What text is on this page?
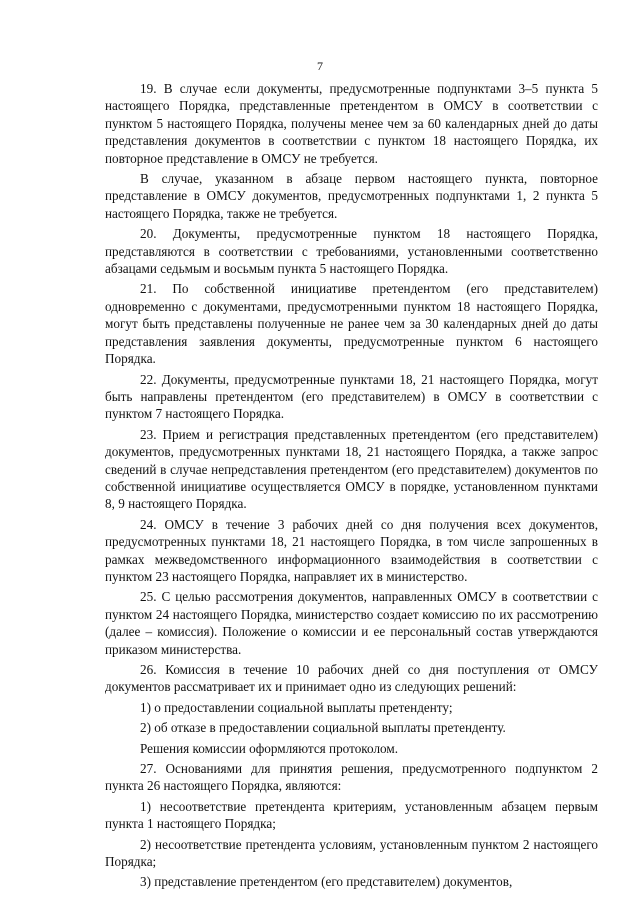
7

19. В случае если документы, предусмотренные подпунктами 3–5 пункта 5 настоящего Порядка, представленные претендентом в ОМСУ в соответствии с пунктом 5 настоящего Порядка, получены менее чем за 60 календарных дней до даты представления документов в соответствии с пунктом 18 настоящего Порядка, их повторное представление в ОМСУ не требуется.

В случае, указанном в абзаце первом настоящего пункта, повторное представление в ОМСУ документов, предусмотренных подпунктами 1, 2 пункта 5 настоящего Порядка, также не требуется.

20. Документы, предусмотренные пунктом 18 настоящего Порядка, представляются в соответствии с требованиями, установленными соответственно абзацами седьмым и восьмым пункта 5 настоящего Порядка.

21. По собственной инициативе претендентом (его представителем) одновременно с документами, предусмотренными пунктом 18 настоящего Порядка, могут быть представлены полученные не ранее чем за 30 календарных дней до даты представления заявления документы, предусмотренные пунктом 6 настоящего Порядка.

22. Документы, предусмотренные пунктами 18, 21 настоящего Порядка, могут быть направлены претендентом (его представителем) в ОМСУ в соответствии с пунктом 7 настоящего Порядка.

23. Прием и регистрация представленных претендентом (его представителем) документов, предусмотренных пунктами 18, 21 настоящего Порядка, а также запрос сведений в случае непредставления претендентом (его представителем) документов по собственной инициативе осуществляется ОМСУ в порядке, установленном пунктами 8, 9 настоящего Порядка.

24. ОМСУ в течение 3 рабочих дней со дня получения всех документов, предусмотренных пунктами 18, 21 настоящего Порядка, в том числе запрошенных в рамках межведомственного информационного взаимодействия в соответствии с пунктом 23 настоящего Порядка, направляет их в министерство.

25. С целью рассмотрения документов, направленных ОМСУ в соответствии с пунктом 24 настоящего Порядка, министерство создает комиссию по их рассмотрению (далее – комиссия). Положение о комиссии и ее персональный состав утверждаются приказом министерства.

26. Комиссия в течение 10 рабочих дней со дня поступления от ОМСУ документов рассматривает их и принимает одно из следующих решений:

1) о предоставлении социальной выплаты претенденту;

2) об отказе в предоставлении социальной выплаты претенденту.

Решения комиссии оформляются протоколом.

27. Основаниями для принятия решения, предусмотренного подпунктом 2 пункта 26 настоящего Порядка, являются:

1) несоответствие претендента критериям, установленным абзацем первым пункта 1 настоящего Порядка;

2) несоответствие претендента условиям, установленным пунктом 2 настоящего Порядка;

3) представление претендентом (его представителем) документов,
